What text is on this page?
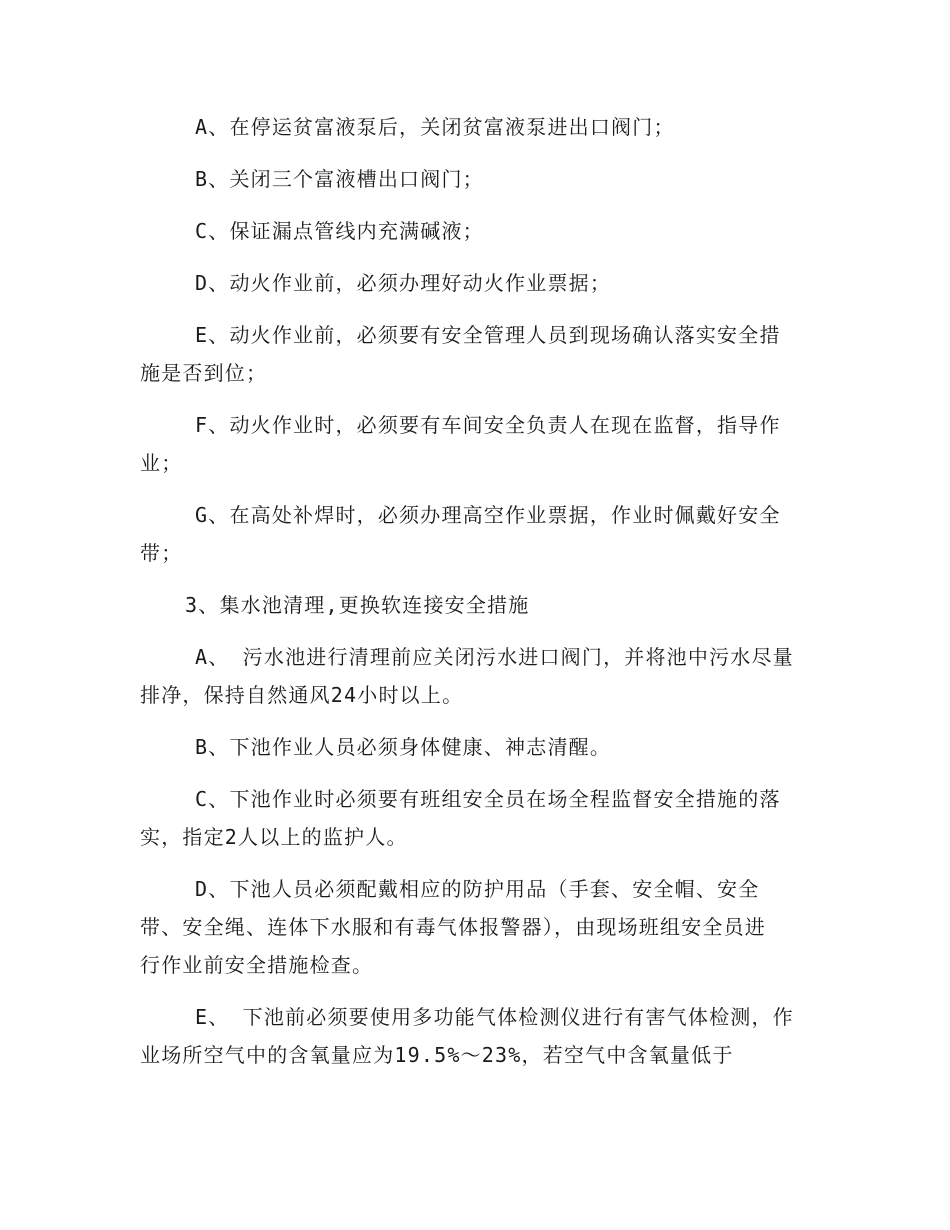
A、在停运贫富液泵后，关闭贫富液泵进出口阀门；
B、关闭三个富液槽出口阀门；
C、保证漏点管线内充满碱液；
D、动火作业前，必须办理好动火作业票据；
E、动火作业前，必须要有安全管理人员到现场确认落实安全措
施是否到位；
F、动火作业时，必须要有车间安全负责人在现在监督，指导作
业；
G、在高处补焊时，必须办理高空作业票据，作业时佩戴好安全
带；
3、集水池清理,更换软连接安全措施
A、 污水池进行清理前应关闭污水进口阀门，并将池中污水尽量
排净，保持自然通风24小时以上。
B、下池作业人员必须身体健康、神志清醒。
C、下池作业时必须要有班组安全员在场全程监督安全措施的落
实，指定2人以上的监护人。
D、下池人员必须配戴相应的防护用品（手套、安全帽、安全
带、安全绳、连体下水服和有毒气体报警器），由现场班组安全员进
行作业前安全措施检查。
E、 下池前必须要使用多功能气体检测仪进行有害气体检测，作
业场所空气中的含氧量应为19.5%～23%，若空气中含氧量低于
